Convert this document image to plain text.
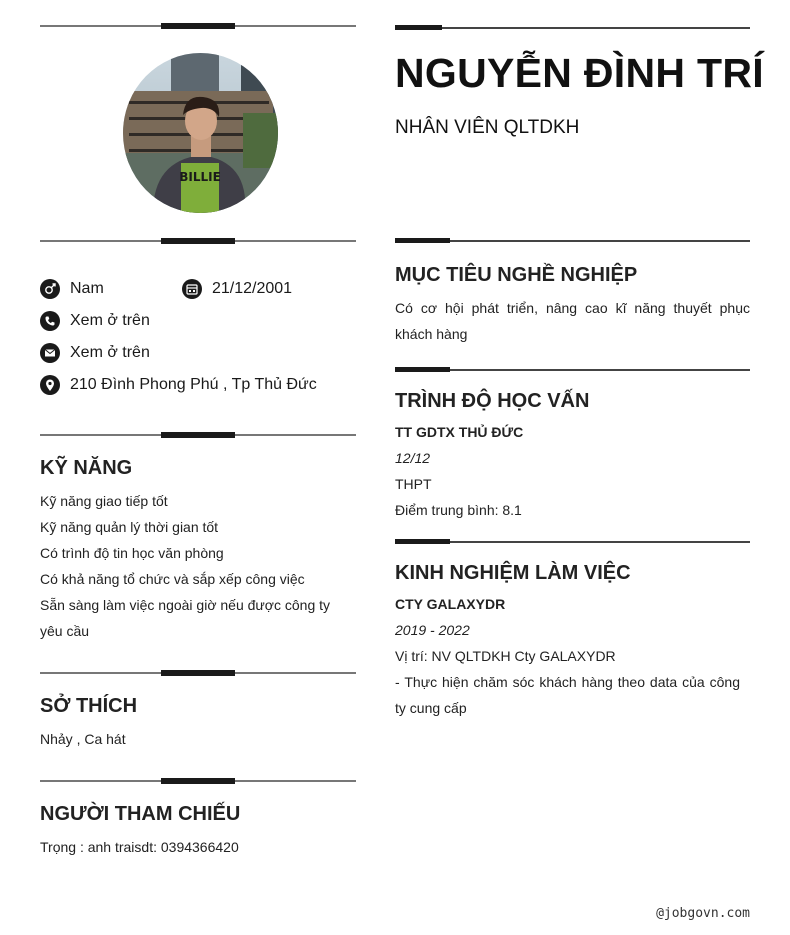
BILLIE
Nam	21/12/2001
Xem ở trên
Xem ở trên
210 Đình Phong Phú , Tp Thủ Đức
KỸ NĂNG
Kỹ năng giao tiếp tốt
Kỹ năng quản lý thời gian tốt
Có trình độ tin học văn phòng
Có khả năng tổ chức và sắp xếp công việc
Sẵn sàng làm việc ngoài giờ nếu được công ty yêu cầu
SỞ THÍCH
Nhảy , Ca hát
NGƯỜI THAM CHIẾU
Trọng : anh traisdt: 0394366420
NGUYỄN ĐÌNH TRÍ
NHÂN VIÊN QLTDKH
MỤC TIÊU NGHỀ NGHIỆP
Có cơ hội phát triển, nâng cao kĩ năng thuyết phục khách hàng
TRÌNH ĐỘ HỌC VẤN
TT GDTX THỦ ĐỨC
12/12
THPT
Điểm trung bình: 8.1
KINH NGHIỆM LÀM VIỆC
CTY GALAXYDR
2019 - 2022
Vị trí: NV QLTDKH Cty GALAXYDR
- Thực hiện chăm sóc khách hàng theo data của công ty cung cấp
@jobgovn.com
